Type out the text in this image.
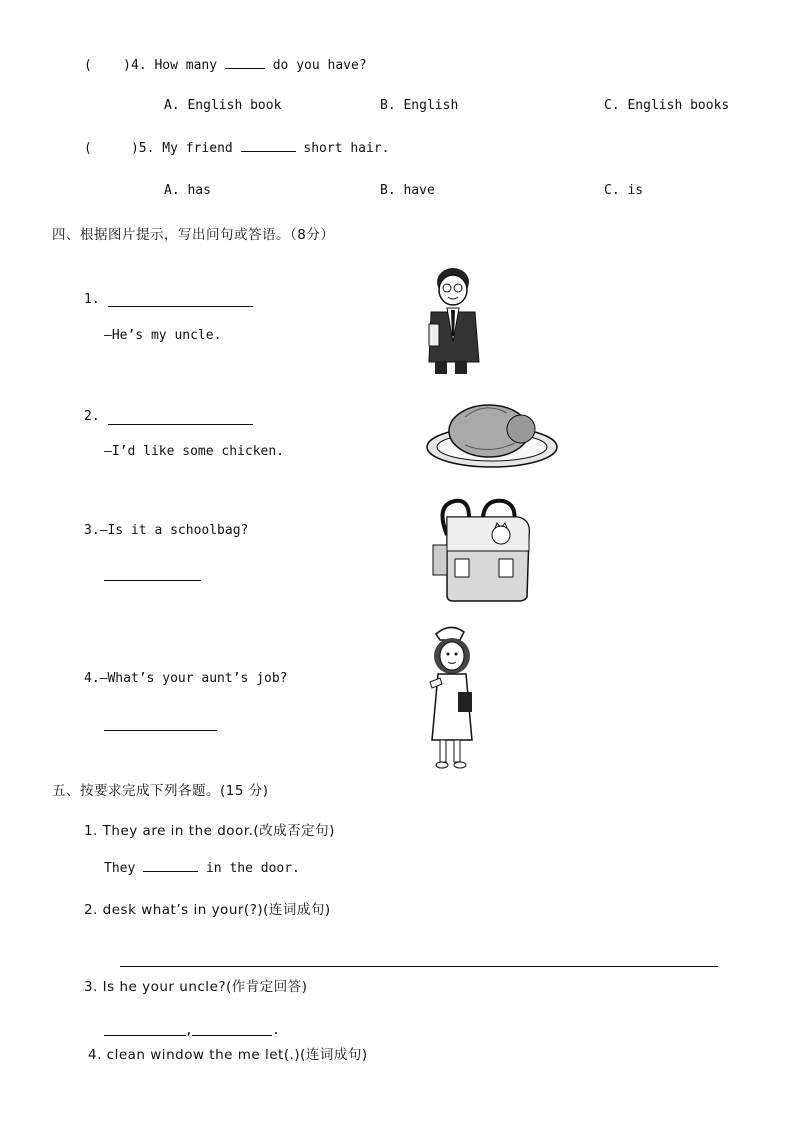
(    )4. How many	do you have?
A. English book	B. English	C. English books
(     )5. My friend	short hair.
A. has	B. have	C. is
四、根据图片提示，写出问句或答语。（8分）
1.
—He’s my uncle.
2.
—I’d like some chicken.
3.—Is it a schoolbag?
4.—What’s your aunt’s job?
五、按要求完成下列各题。(15 分)
1. They are in the door.(改成否定句)
They	in the door.
2. desk what’s in your(?)(连词成句)
3. Is he your uncle?(作肯定回答)
,	.
4. clean window the me let(.)(连词成句)
